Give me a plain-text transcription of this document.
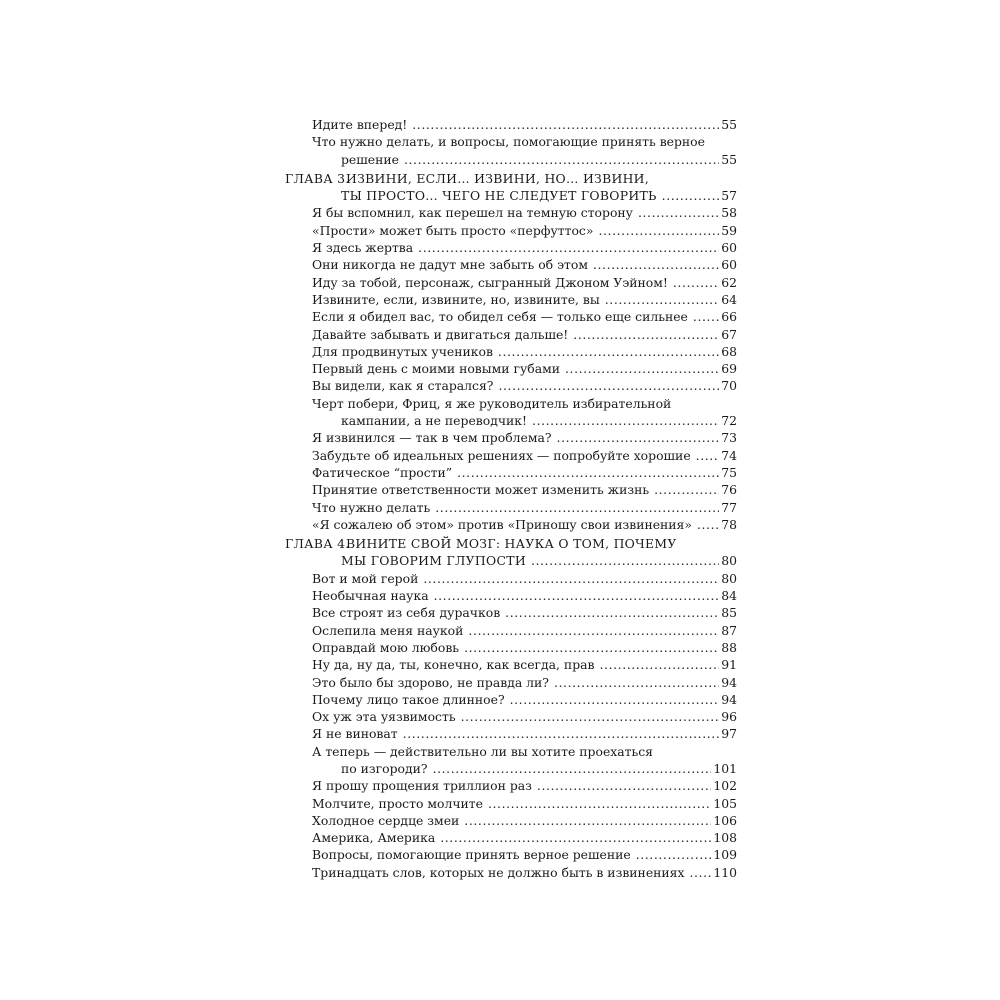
Идите вперед! .....	55
Что нужно делать, и вопросы, помогающие принять верное
решение .....	55
ГЛАВА 3.
ИЗВИНИ, ЕСЛИ… ИЗВИНИ, НО… ИЗВИНИ,
ТЫ ПРОСТО… ЧЕГО НЕ СЛЕДУЕТ ГОВОРИТЬ .....	57
Я бы вспомнил, как перешел на темную сторону .....	58
«Прости» может быть просто «перфуттос» .....	59
Я здесь жертва .....	60
Они никогда не дадут мне забыть об этом .....	60
Иду за тобой, персонаж, сыгранный Джоном Уэйном! .....	62
Извините, если, извините, но, извините, вы .....	64
Если я обидел вас, то обидел себя — только еще сильнее .....	66
Давайте забывать и двигаться дальше! .....	67
Для продвинутых учеников .....	68
Первый день с моими новыми губами .....	69
Вы видели, как я старался? .....	70
Черт побери, Фриц, я же руководитель избирательной
кампании, а не переводчик! .....	72
Я извинился — так в чем проблема? .....	73
Забудьте об идеальных решениях — попробуйте хорошие ..... 74
Фатическое “прости” .....	75
Принятие ответственности может изменить жизнь .....	76
Что нужно делать .....	77
«Я сожалею об этом» против «Приношу свои извинения» ..... 78
ГЛАВА 4.
ВИНИТЕ СВОЙ МОЗГ: НАУКА О ТОМ, ПОЧЕМУ
МЫ ГОВОРИМ ГЛУПОСТИ .....	80
Вот и мой герой .....	80
Необычная наука .....	84
Все строят из себя дурачков .....	85
Ослепила меня наукой .....	87
Оправдай мою любовь .....	88
Ну да, ну да, ты, конечно, как всегда, прав .....	91
Это было бы здорово, не правда ли? .....	94
Почему лицо такое длинное? .....	94
Ох уж эта уязвимость .....	96
Я не виноват .....	97
А теперь — действительно ли вы хотите проехаться
по изгороди? .....	101
Я прошу прощения триллион раз .....	102
Молчите, просто молчите .....	105
Холодное сердце змеи .....	106
Америка, Америка .....	108
Вопросы, помогающие принять верное решение .....	109
Тринадцать слов, которых не должно быть в извинениях ..... 110
